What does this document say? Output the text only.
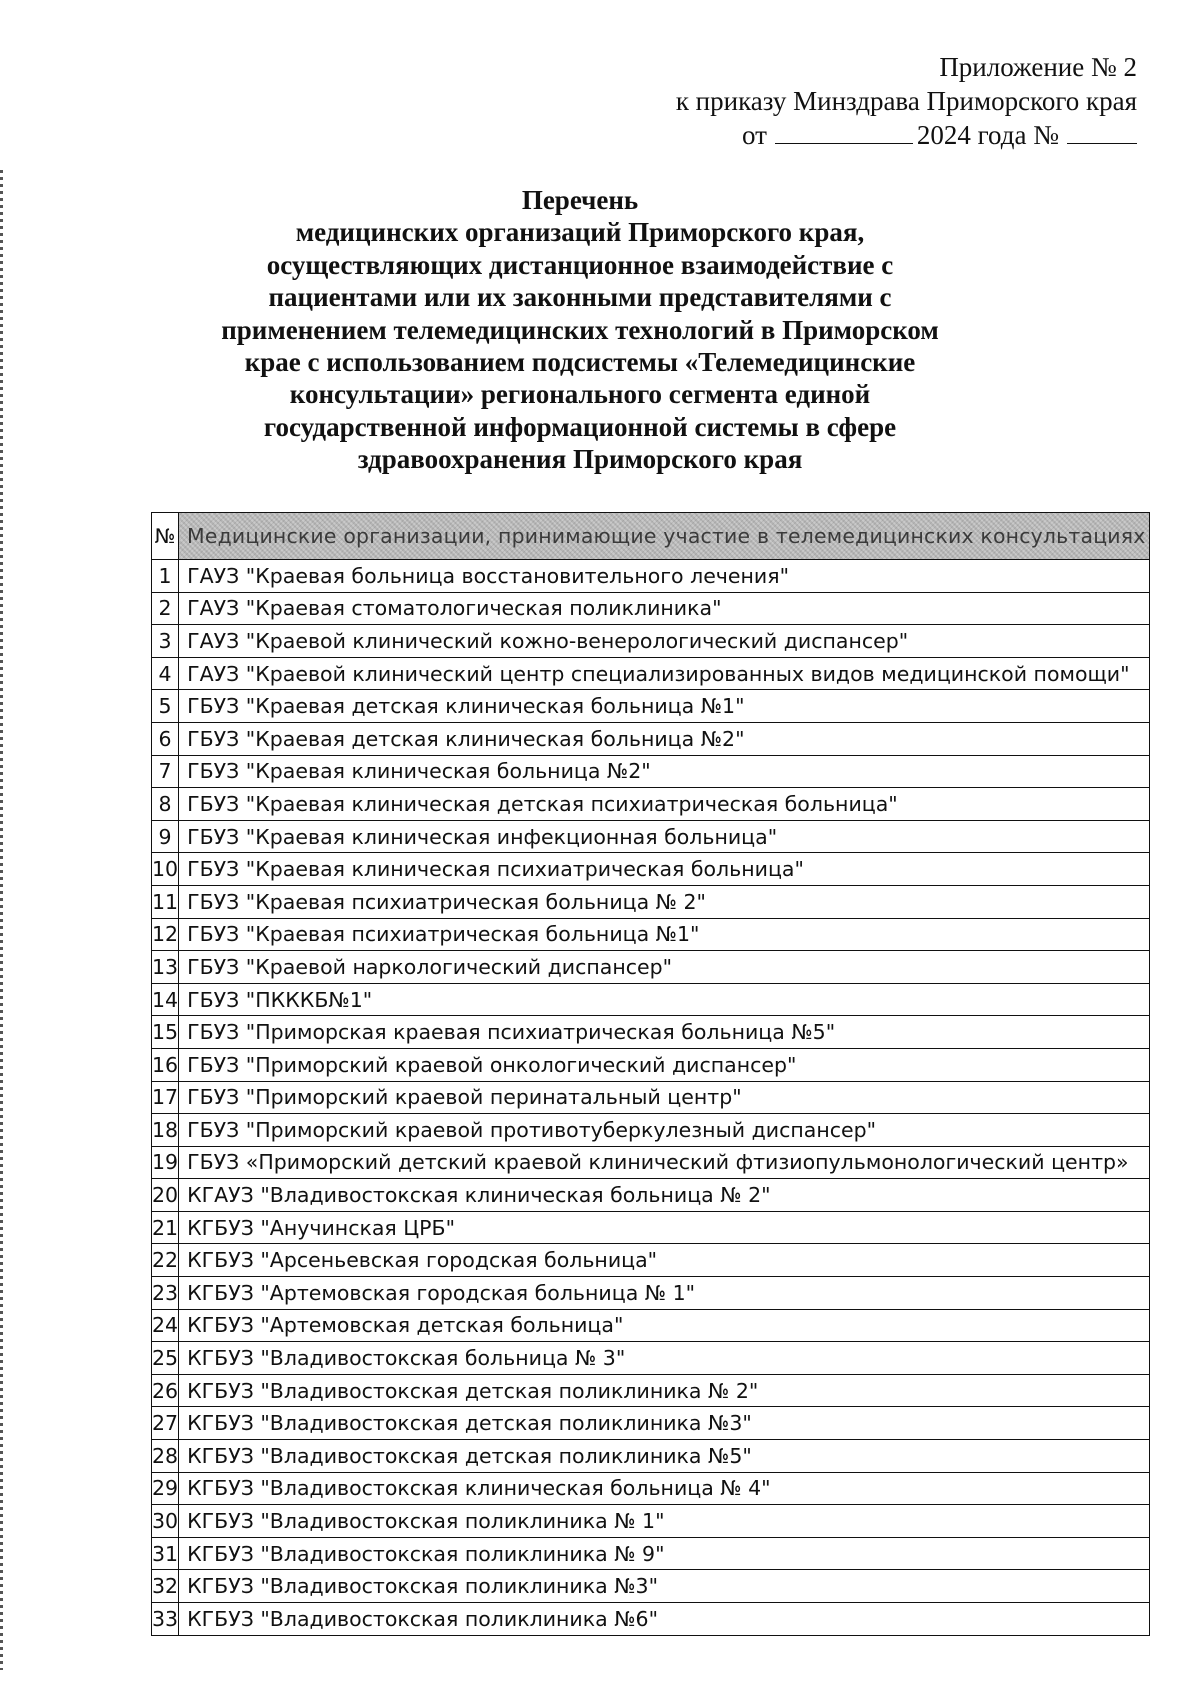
Приложение № 2
к приказу Минздрава Приморского края
от	2024 года №
Перечень
медицинских организаций Приморского края,
осуществляющих дистанционное взаимодействие с
пациентами или их законными представителями с
применением телемедицинских технологий в Приморском
крае с использованием подсистемы «Телемедицинские
консультации» регионального сегмента единой
государственной информационной системы в сфере
здравоохранения Приморского края
№	Медицинские организации, принимающие участие в телемедицинских консультациях

1	ГАУЗ "Краевая больница восстановительного лечения"
2	ГАУЗ "Краевая стоматологическая поликлиника"
3	ГАУЗ "Краевой клинический кожно-венерологический диспансер"
4	ГАУЗ "Краевой клинический центр специализированных видов медицинской помощи"
5	ГБУЗ "Краевая детская клиническая больница №1"
6	ГБУЗ "Краевая детская клиническая больница №2"
7	ГБУЗ "Краевая клиническая больница №2"
8	ГБУЗ "Краевая клиническая детская психиатрическая больница"
9	ГБУЗ "Краевая клиническая инфекционная больница"
10	ГБУЗ "Краевая клиническая психиатрическая больница"
11	ГБУЗ "Краевая психиатрическая больница № 2"
12	ГБУЗ "Краевая психиатрическая больница №1"
13	ГБУЗ "Краевой наркологический диспансер"
14	ГБУЗ "ПКККБ№1"
15	ГБУЗ "Приморская краевая психиатрическая больница №5"
16	ГБУЗ "Приморский краевой онкологический диспансер"
17	ГБУЗ "Приморский краевой перинатальный центр"
18	ГБУЗ "Приморский краевой противотуберкулезный диспансер"
19	ГБУЗ «Приморский детский краевой клинический фтизиопульмонологический центр»
20	КГАУЗ "Владивостокская клиническая больница № 2"
21	КГБУЗ "Анучинская ЦРБ"
22	КГБУЗ "Арсеньевская городская больница"
23	КГБУЗ "Артемовская городская больница № 1"
24	КГБУЗ "Артемовская детская больница"
25	КГБУЗ "Владивостокская больница № 3"
26	КГБУЗ "Владивостокская детская поликлиника № 2"
27	КГБУЗ "Владивостокская детская поликлиника №3"
28	КГБУЗ "Владивостокская детская поликлиника №5"
29	КГБУЗ "Владивостокская клиническая больница № 4"
30	КГБУЗ "Владивостокская поликлиника № 1"
31	КГБУЗ "Владивостокская поликлиника № 9"
32	КГБУЗ "Владивостокская поликлиника №3"
33	КГБУЗ "Владивостокская поликлиника №6"
